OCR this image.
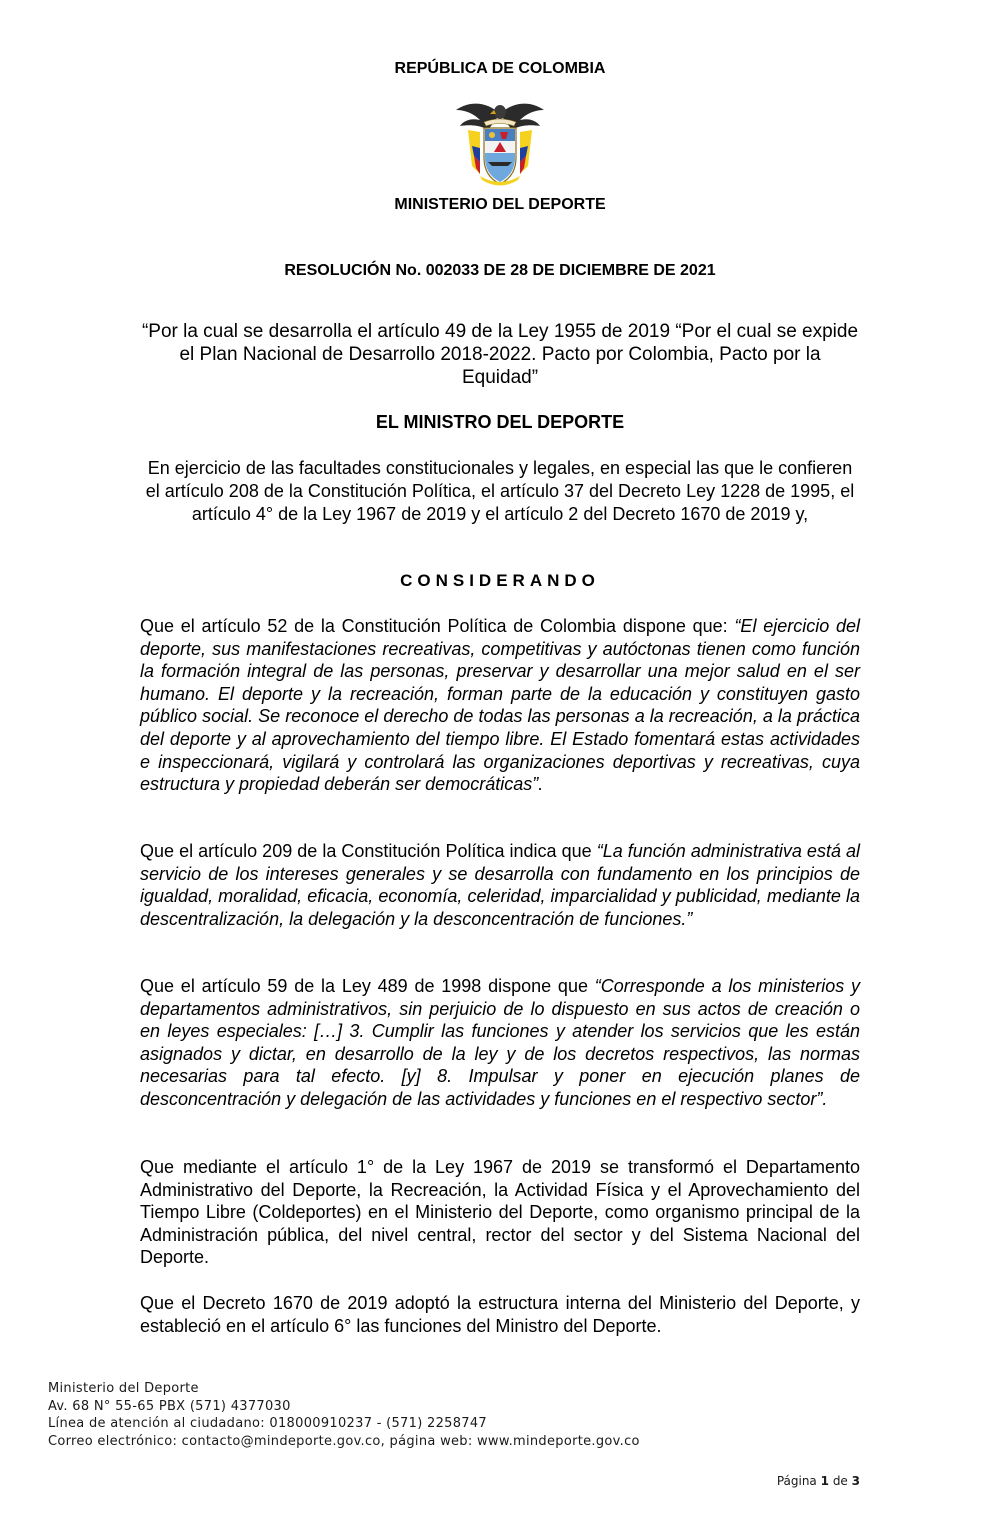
REPÚBLICA DE COLOMBIA
MINISTERIO DEL DEPORTE
RESOLUCIÓN No. 002033 DE 28 DE DICIEMBRE DE 2021
“Por la cual se desarrolla el artículo 49 de la Ley 1955 de 2019 “Por el cual se expide el Plan Nacional de Desarrollo 2018-2022. Pacto por Colombia, Pacto por la Equidad”
EL MINISTRO DEL DEPORTE
En ejercicio de las facultades constitucionales y legales, en especial las que le confieren el artículo 208 de la Constitución Política, el artículo 37 del Decreto Ley 1228 de 1995, el artículo 4° de la Ley 1967 de 2019 y el artículo 2 del Decreto 1670 de 2019 y,
CONSIDERANDO
Que el artículo 52 de la Constitución Política de Colombia dispone que: “El ejercicio del deporte, sus manifestaciones recreativas, competitivas y autóctonas tienen como función la formación integral de las personas, preservar y desarrollar una mejor salud en el ser humano. El deporte y la recreación, forman parte de la educación y constituyen gasto público social. Se reconoce el derecho de todas las personas a la recreación, a la práctica del deporte y al aprovechamiento del tiempo libre. El Estado fomentará estas actividades e inspeccionará, vigilará y controlará las organizaciones deportivas y recreativas, cuya estructura y propiedad deberán ser democráticas”.
Que el artículo 209 de la Constitución Política indica que “La función administrativa está al servicio de los intereses generales y se desarrolla con fundamento en los principios de igualdad, moralidad, eficacia, economía, celeridad, imparcialidad y publicidad, mediante la descentralización, la delegación y la desconcentración de funciones.”
Que el artículo 59 de la Ley 489 de 1998 dispone que “Corresponde a los ministerios y departamentos administrativos, sin perjuicio de lo dispuesto en sus actos de creación o en leyes especiales: […] 3. Cumplir las funciones y atender los servicios que les están asignados y dictar, en desarrollo de la ley y de los decretos respectivos, las normas necesarias para tal efecto. [y] 8. Impulsar y poner en ejecución planes de desconcentración y delegación de las actividades y funciones en el respectivo sector”.
Que mediante el artículo 1° de la Ley 1967 de 2019 se transformó el Departamento Administrativo del Deporte, la Recreación, la Actividad Física y el Aprovechamiento del Tiempo Libre (Coldeportes) en el Ministerio del Deporte, como organismo principal de la Administración pública, del nivel central, rector del sector y del Sistema Nacional del Deporte.
Que el Decreto 1670 de 2019 adoptó la estructura interna del Ministerio del Deporte, y estableció en el artículo 6° las funciones del Ministro del Deporte.
Ministerio del Deporte
Av. 68 N° 55-65 PBX (571) 4377030
Línea de atención al ciudadano: 018000910237 - (571) 2258747
Correo electrónico: contacto@mindeporte.gov.co, página web: www.mindeporte.gov.co
Página 1 de 3
